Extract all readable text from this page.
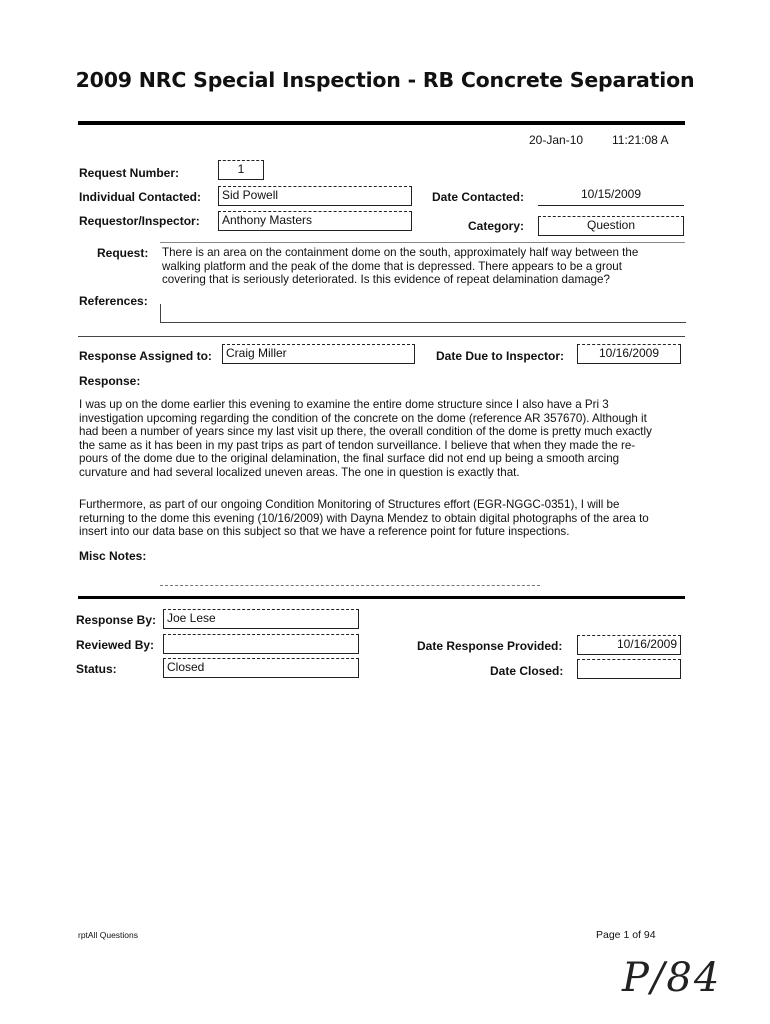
2009 NRC Special Inspection - RB Concrete Separation
20-Jan-10 11:21:08 A
Request Number:	1
Individual Contacted:	Sid Powell	Date Contacted:	10/15/2009
Requestor/Inspector:	Anthony Masters	Category:	Question
Request: There is an area on the containment dome on the south, approximately half way between the
walking platform and the peak of the dome that is depressed. There appears to be a grout
covering that is seriously deteriorated. Is this evidence of repeat delamination damage?
References:
Response Assigned to:	Craig Miller	Date Due to Inspector:	10/16/2009
Response:
I was up on the dome earlier this evening to examine the entire dome structure since I also have a Pri 3
investigation upcoming regarding the condition of the concrete on the dome (reference AR 357670). Although it
had been a number of years since my last visit up there, the overall condition of the dome is pretty much exactly
the same as it has been in my past trips as part of tendon surveillance. I believe that when they made the re-
pours of the dome due to the original delamination, the final surface did not end up being a smooth arcing
curvature and had several localized uneven areas. The one in question is exactly that.
Furthermore, as part of our ongoing Condition Monitoring of Structures effort (EGR-NGGC-0351), I will be
returning to the dome this evening (10/16/2009) with Dayna Mendez to obtain digital photographs of the area to
insert into our data base on this subject so that we have a reference point for future inspections.
Misc Notes:
Response By: Joe Lese
Reviewed By:	Date Response Provided:	10/16/2009
Status:	Closed	Date Closed:
rptAll Questions	Page 1 of 94
P/84
